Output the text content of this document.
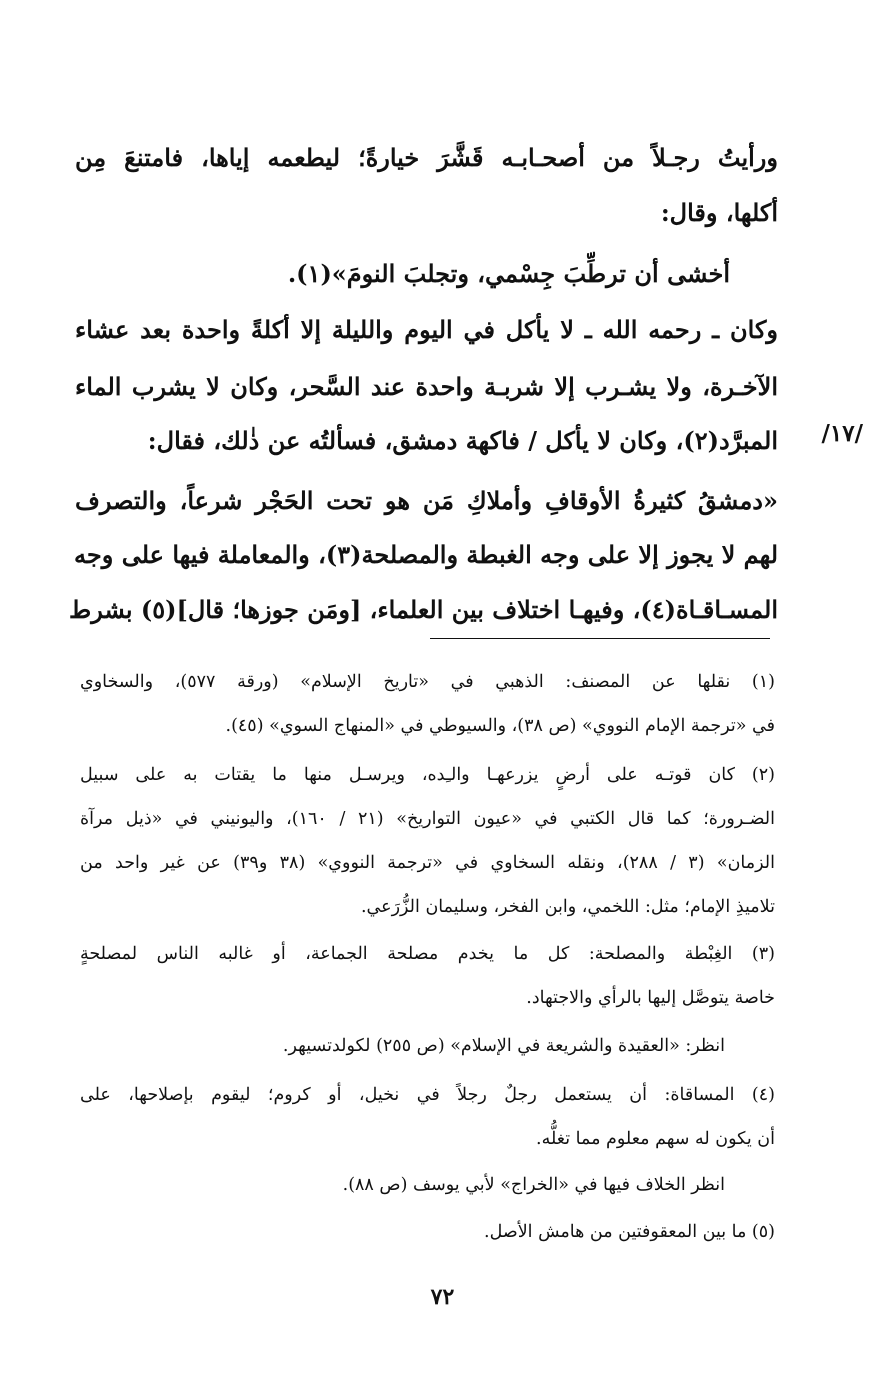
ورأيتُ رجـلاً من أصحـابـه قَشَّرَ خيارةً؛ ليطعمه إياها، فامتنعَ مِن
أكلها، وقال:
أخشى أن ترطِّبَ جِسْمي، وتجلبَ النومَ»(١).
وكان ـ رحمه الله ـ لا يأكل في اليوم والليلة إلا أكلةً واحدة بعد عشاء
الآخـرة، ولا يشـرب إلا شربـة واحدة عند السَّحر، وكان لا يشرب الماء
المبرَّد(٢)، وكان لا يأكل / فاكهة دمشق، فسألتُه عن ذٰلك، فقال: /١٧/
«دمشقُ كثيرةُ الأوقافِ وأملاكِ مَن هو تحت الحَجْر شرعاً، والتصرف
لهم لا يجوز إلا على وجه الغبطة والمصلحة(٣)، والمعاملة فيها على وجه
المسـاقـاة(٤)، وفيهـا اختلاف بين العلماء، [ومَن جوزها؛ قال](٥) بشرط
(١) نقلها عن المصنف: الذهبي في «تاريخ الإسلام» (ورقة ٥٧٧)، والسخاوي
في «ترجمة الإمام النووي» (ص ٣٨)، والسيوطي في «المنهاج السوي» (٤٥).
(٢) كان قوتـه على أرضٍ يزرعهـا والـِده، ويرسـل منها ما يقتات به على سبيل
الضـرورة؛ كما قال الكتبي في «عيون التواريخ» (٢١ / ١٦٠)، واليونيني في «ذيل مرآة
الزمان» (٣ / ٢٨٨)، ونقله السخاوي في «ترجمة النووي» (٣٨ و٣٩) عن غير واحد من
تلاميذِ الإمام؛ مثل: اللخمي، وابن الفخر، وسليمان الزُّرَعي.
(٣) الغِبْطة والمصلحة: كل ما يخدم مصلحة الجماعة، أو غالبه الناس لمصلحةٍ
خاصة يتوصَّل إليها بالرأي والاجتهاد.
انظر: «العقيدة والشريعة في الإسلام» (ص ٢٥٥) لكولدتسيهر.
(٤) المساقاة: أن يستعمل رجلٌ رجلاً في نخيل، أو كروم؛ ليقوم بإصلاحها، على
أن يكون له سهم معلوم مما تغلُّه.
انظر الخلاف فيها في «الخراج» لأبي يوسف (ص ٨٨).
(٥) ما بين المعقوفتين من هامش الأصل.
٧٢
